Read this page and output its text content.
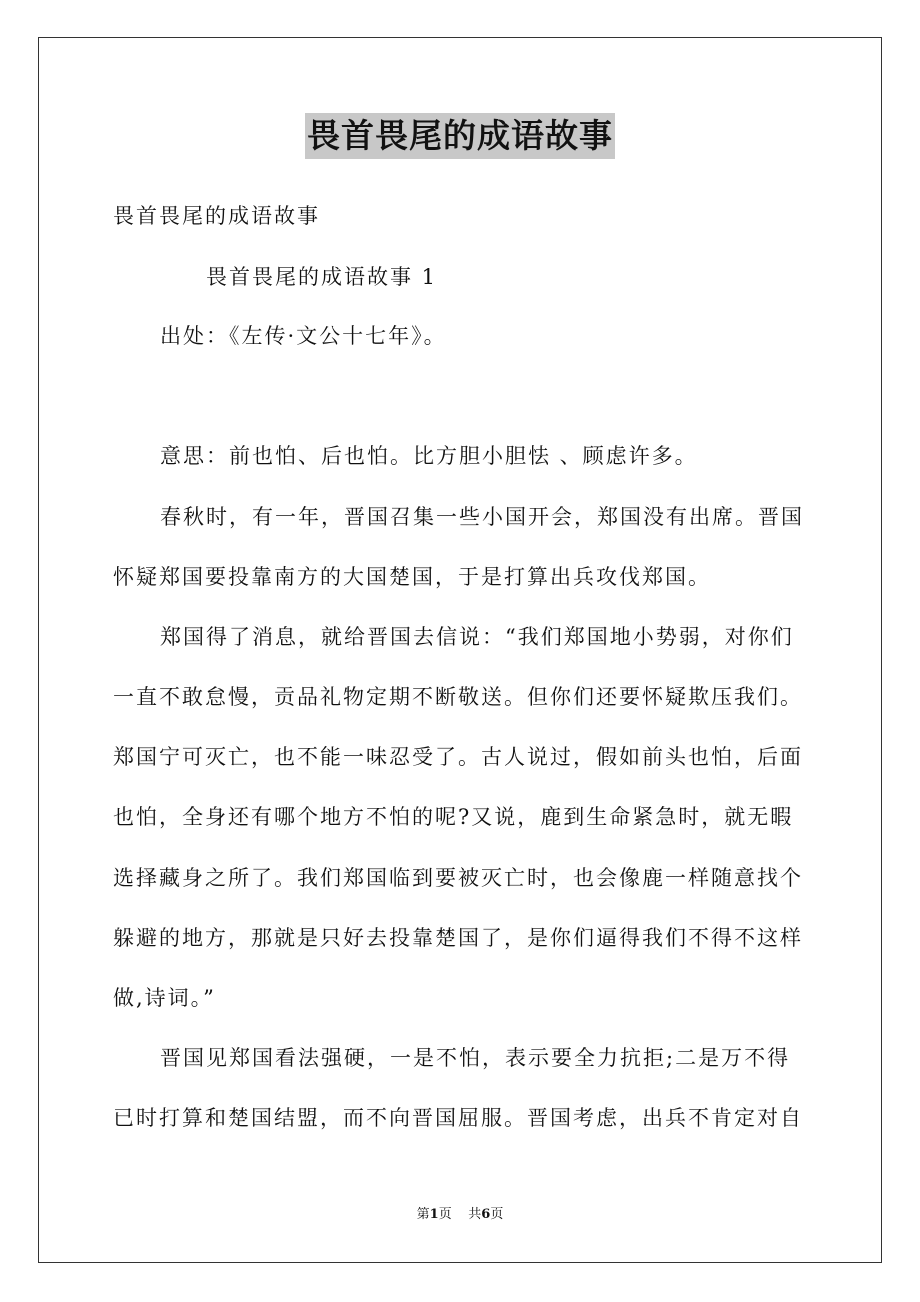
畏首畏尾的成语故事
畏首畏尾的成语故事
畏首畏尾的成语故事 1
出处：《左传·文公十七年》。
意思：前也怕、后也怕。比方胆小胆怯 、顾虑许多。
春秋时，有一年，晋国召集一些小国开会，郑国没有出席。晋国
怀疑郑国要投靠南方的大国楚国，于是打算出兵攻伐郑国。
郑国得了消息，就给晋国去信说：“我们郑国地小势弱，对你们
一直不敢怠慢，贡品礼物定期不断敬送。但你们还要怀疑欺压我们。
郑国宁可灭亡，也不能一味忍受了。古人说过，假如前头也怕，后面
也怕，全身还有哪个地方不怕的呢?又说，鹿到生命紧急时，就无暇
选择藏身之所了。我们郑国临到要被灭亡时，也会像鹿一样随意找个
躲避的地方，那就是只好去投靠楚国了，是你们逼得我们不得不这样
做,诗词。”
晋国见郑国看法强硬，一是不怕，表示要全力抗拒;二是万不得
已时打算和楚国结盟，而不向晋国屈服。晋国考虑，出兵不肯定对自
第1页 共6页
